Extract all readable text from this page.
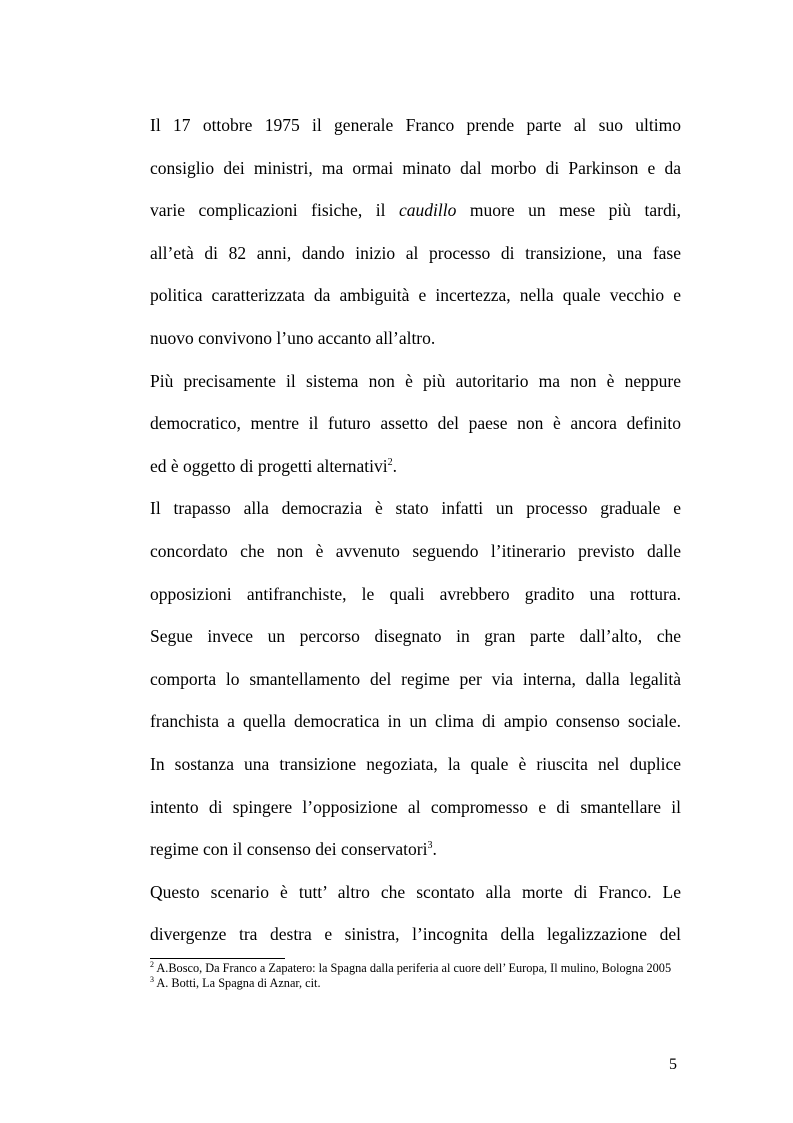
Il 17 ottobre 1975 il generale Franco prende parte al suo ultimo
consiglio dei ministri, ma ormai minato dal morbo di Parkinson e da
varie complicazioni fisiche, il caudillo muore un mese più tardi,
all’età di 82 anni, dando inizio al processo di transizione, una fase
politica caratterizzata da ambiguità e incertezza, nella quale vecchio e
nuovo convivono l’uno accanto all’altro.
Più precisamente il sistema non è più autoritario ma non è neppure
democratico, mentre il futuro assetto del paese non è ancora definito
ed è oggetto di progetti alternativi$^2$.
Il trapasso alla democrazia è stato infatti un processo graduale e
concordato che non è avvenuto seguendo l’itinerario previsto dalle
opposizioni antifranchiste, le quali avrebbero gradito una rottura.
Segue invece un percorso disegnato in gran parte dall’alto, che
comporta lo smantellamento del regime per via interna, dalla legalità
franchista a quella democratica in un clima di ampio consenso sociale.
In sostanza una transizione negoziata, la quale è riuscita nel duplice
intento di spingere l’opposizione al compromesso e di smantellare il
regime con il consenso dei conservatori$^3$.
Questo scenario è tutt’ altro che scontato alla morte di Franco. Le
divergenze tra destra e sinistra, l’incognita della legalizzazione del
$^2$ A.Bosco, Da Franco a Zapatero: la Spagna dalla periferia al cuore dell’ Europa, Il mulino, Bologna 2005
$^3$ A. Botti, La Spagna di Aznar, cit.
5
